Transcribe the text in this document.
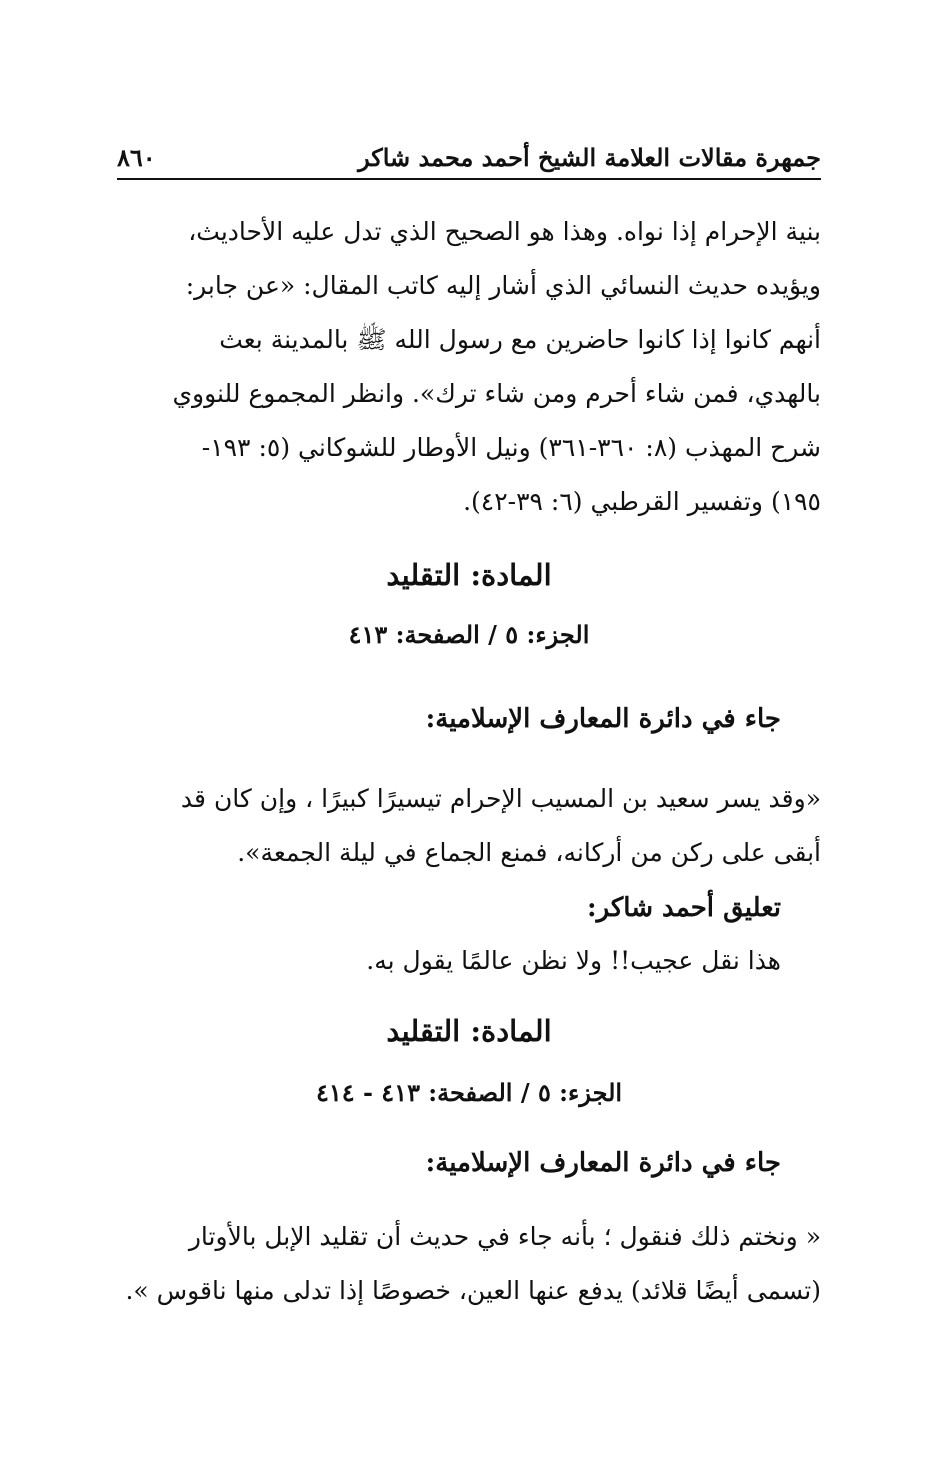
جمهرة مقالات العلامة الشيخ أحمد محمد شاكر
٨٦٠

بنية الإحرام إذا نواه. وهذا هو الصحيح الذي تدل عليه الأحاديث،

ويؤيده حديث النسائي الذي أشار إليه كاتب المقال: «عن جابر:

أنهم كانوا إذا كانوا حاضرين مع رسول الله ﷺ بالمدينة بعث

بالهدي، فمن شاء أحرم ومن شاء ترك». وانظر المجموع للنووي

شرح المهذب (٨: ٣٦٠-٣٦١) ونيل الأوطار للشوكاني (٥: ١٩٣-

١٩٥) وتفسير القرطبي (٦: ٣٩-٤٢).

المادة: التقليد

الجزء: ٥ / الصفحة: ٤١٣

جاء في دائرة المعارف الإسلامية:

«وقد يسر سعيد بن المسيب الإحرام تيسيرًا كبيرًا ، وإن كان قد

أبقى على ركن من أركانه، فمنع الجماع في ليلة الجمعة».

تعليق أحمد شاكر:

هذا نقل عجيب!! ولا نظن عالمًا يقول به.

المادة: التقليد

الجزء: ٥ / الصفحة: ٤١٣ - ٤١٤

جاء في دائرة المعارف الإسلامية:

« ونختم ذلك فنقول ؛ بأنه جاء في حديث أن تقليد الإبل بالأوتار

(تسمى أيضًا قلائد) يدفع عنها العين، خصوصًا إذا تدلى منها ناقوس ».
